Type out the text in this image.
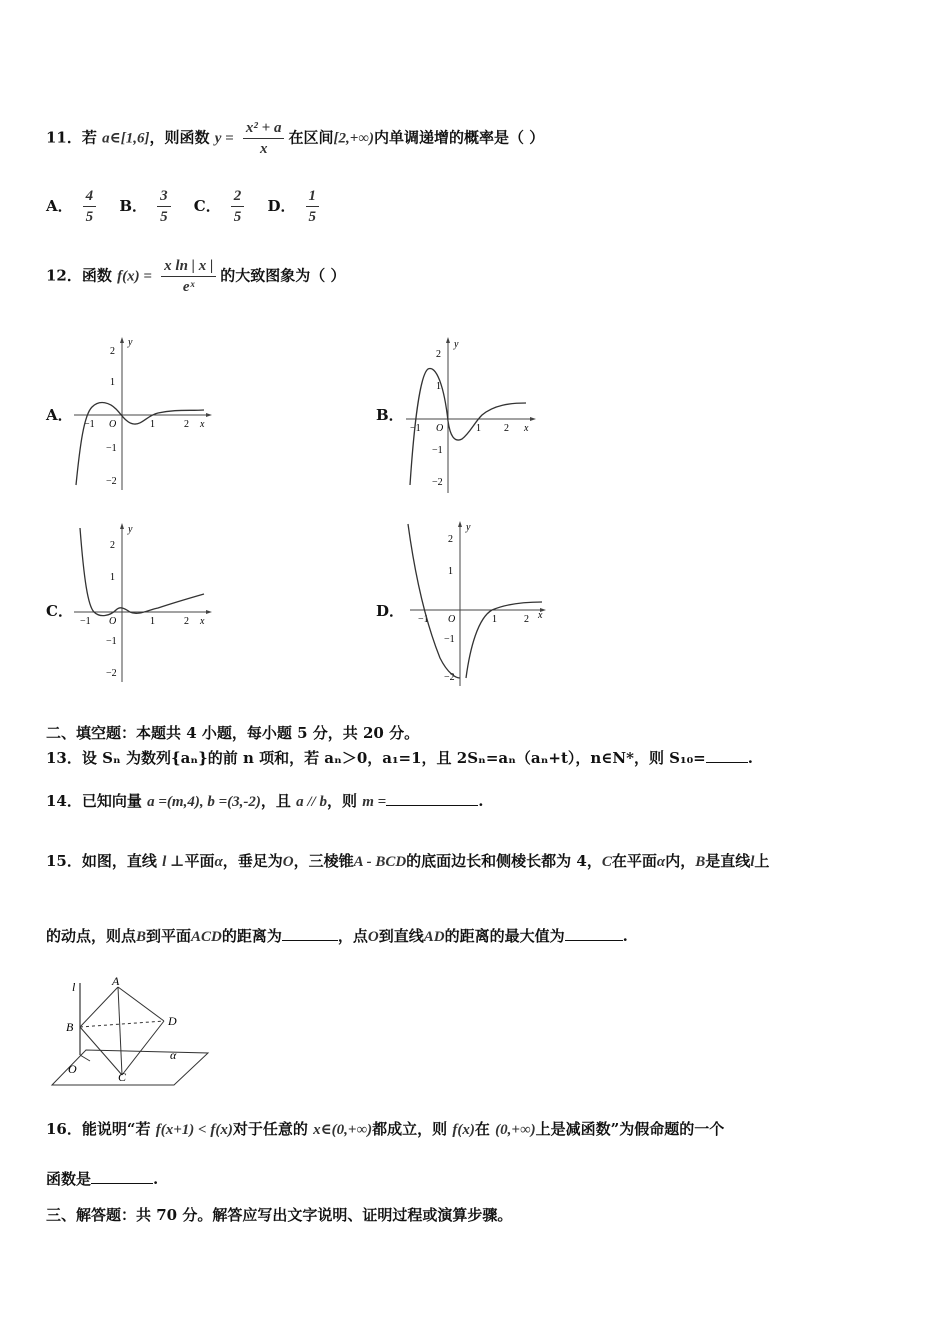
11．若 a∈[1,6]，则函数 $y = \frac{\text{x² + a}}{x}$ 在区间[2,+∞)内单调递增的概率是（ ）
A． $\frac{4}{5}$ B． $\frac{3}{5}$ C． $\frac{2}{5}$ D． $\frac{1}{5}$
12．函数 $f(x) = \frac{\text{x ln | x |}}{\text{eˣ}}$ 的大致图象为（ ）
A．	B．
C．	D．
y
x
O
2
1
−1
−2
−1	1	2
y
x
O
2
1
−1
−2
−1	1 2
y
x
O
2
1
−1
−2
−1	1	2
y
x
O
2
1
−1
−2
−1	1	2
二、填空题：本题共 4 小题，每小题 5 分，共 20 分。
13．设 Sₙ 为数列{aₙ}的前 n 项和，若 aₙ＞0，a₁=1，且 2Sₙ=aₙ（aₙ+t），n∈N*，则 S₁₀=	.
14．已知向量 a =(m,4), b =(3,-2)，且 a // b，则 m =	.
15．如图，直线 l ⊥平面α，垂足为O，三棱锥A - BCD的底面边长和侧棱长都为 4，C在平面α内，B是直线l上
的动点，则点B到平面ACD的距离为	，点O到直线AD的距离的最大值为	.
l	A
B	D
O
C
α
16．能说明“若 f(x+1) < f(x)对于任意的 x∈(0,+∞)都成立，则 f(x)在 (0,+∞)上是减函数”为假命题的一个
函数是	.
三、解答题：共 70 分。解答应写出文字说明、证明过程或演算步骤。
